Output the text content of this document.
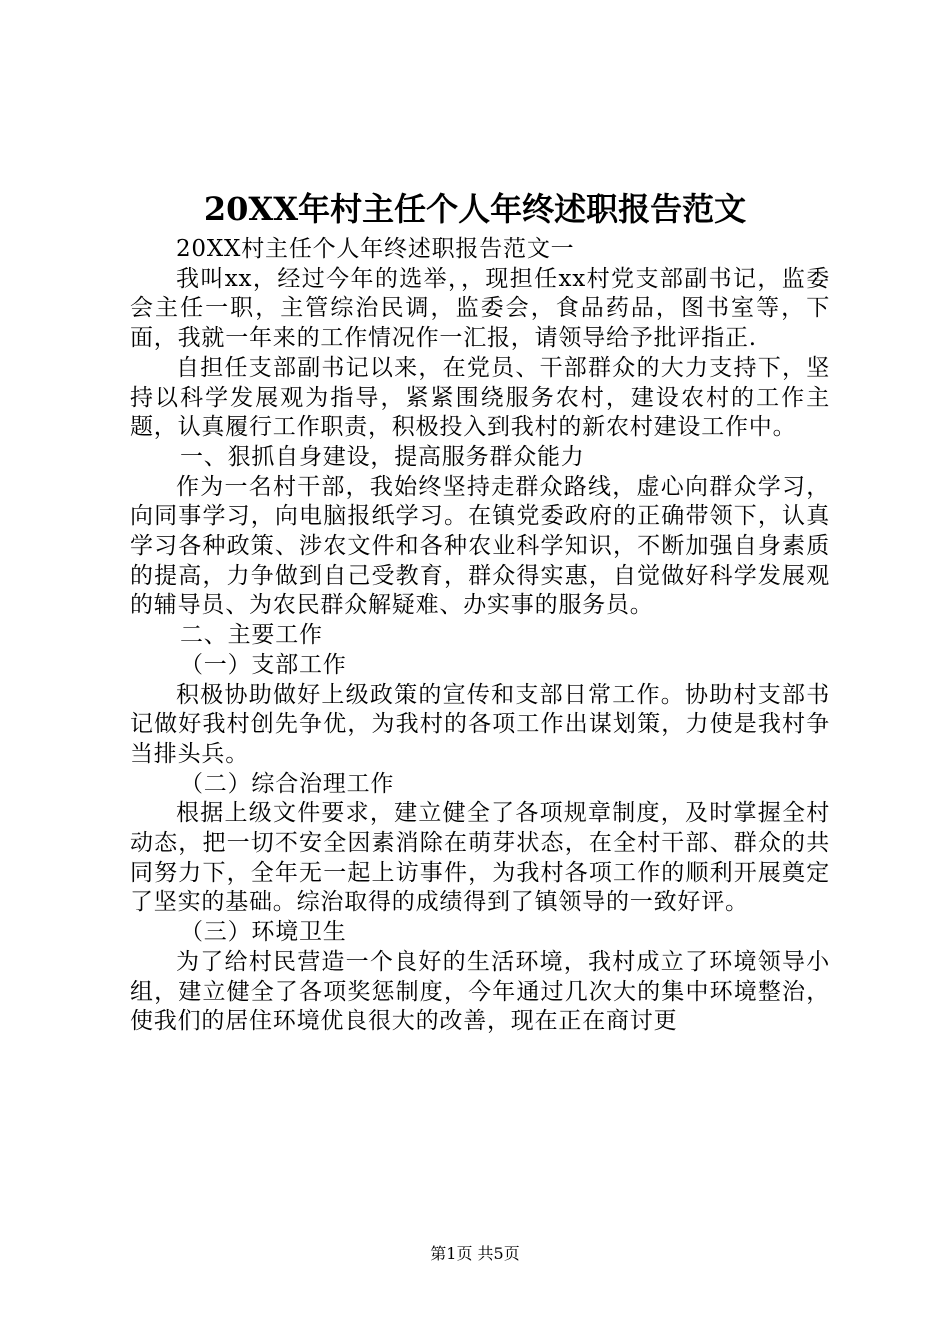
20XX年村主任个人年终述职报告范文

20XX村主任个人年终述职报告范文一

我叫xx，经过今年的选举，，现担任xx村党支部副书记，监委会主任一职，主管综治民调，监委会，食品药品，图书室等，下面，我就一年来的工作情况作一汇报，请领导给予批评指正.

自担任支部副书记以来，在党员、干部群众的大力支持下，坚持以科学发展观为指导，紧紧围绕服务农村，建设农村的工作主题，认真履行工作职责，积极投入到我村的新农村建设工作中。

一、狠抓自身建设，提高服务群众能力

作为一名村干部，我始终坚持走群众路线，虚心向群众学习，向同事学习，向电脑报纸学习。在镇党委政府的正确带领下，认真学习各种政策、涉农文件和各种农业科学知识，不断加强自身素质的提高，力争做到自己受教育，群众得实惠，自觉做好科学发展观的辅导员、为农民群众解疑难、办实事的服务员。

二、主要工作

（一）支部工作

积极协助做好上级政策的宣传和支部日常工作。协助村支部书记做好我村创先争优，为我村的各项工作出谋划策，力使是我村争当排头兵。

（二）综合治理工作

根据上级文件要求，建立健全了各项规章制度，及时掌握全村动态，把一切不安全因素消除在萌芽状态，在全村干部、群众的共同努力下，全年无一起上访事件，为我村各项工作的顺利开展奠定了坚实的基础。综治取得的成绩得到了镇领导的一致好评。

（三）环境卫生

为了给村民营造一个良好的生活环境，我村成立了环境领导小组，建立健全了各项奖惩制度，今年通过几次大的集中环境整治，使我们的居住环境优良很大的改善，现在正在商讨更

第1页 共5页
